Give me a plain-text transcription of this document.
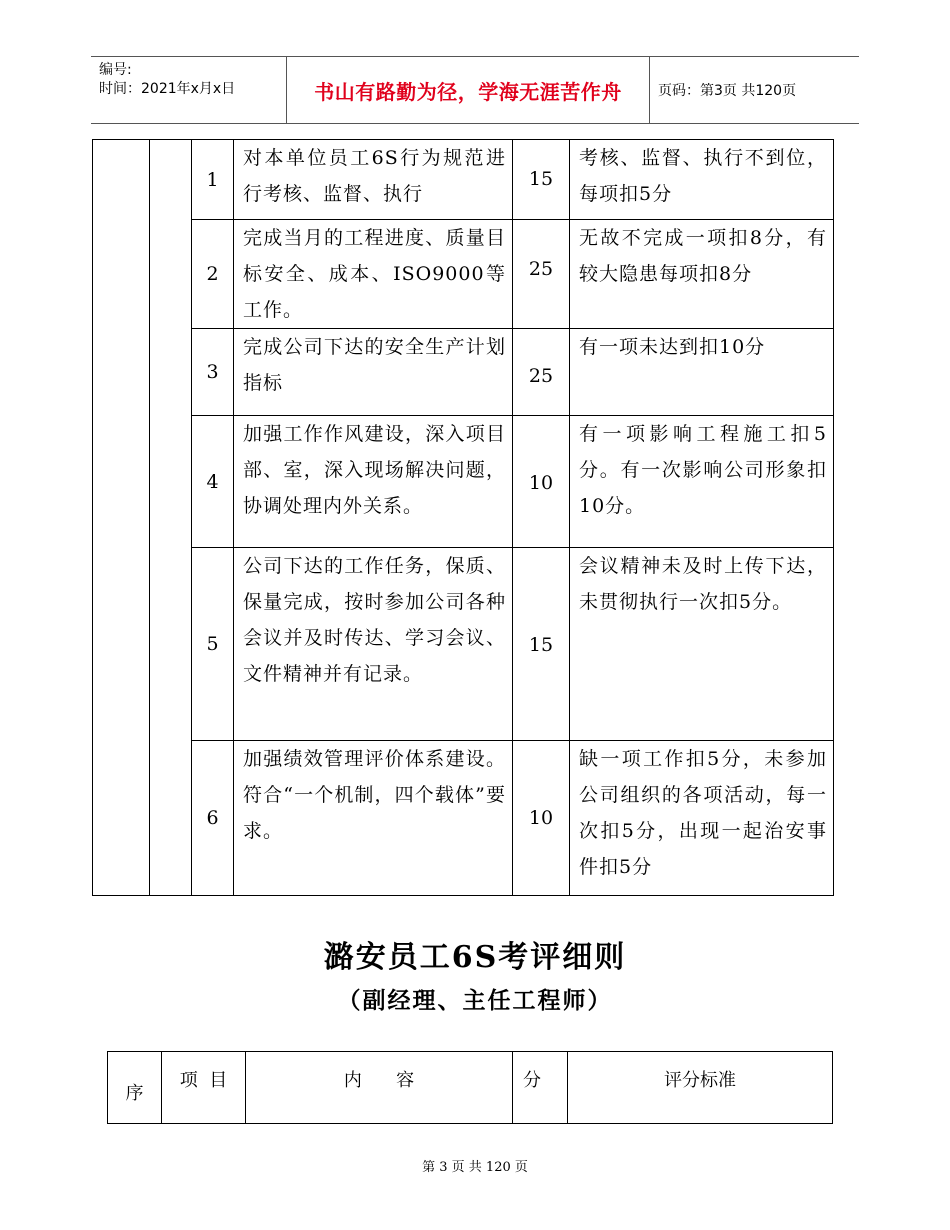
编号:
时间：2021年x月x日	书山有路勤为径，学海无涯苦作舟	页码：第3页 共120页
		1	对本单位员工6S行为规范进行考核、监督、执行	15	考核、监督、执行不到位，每项扣5分
		2	完成当月的工程进度、质量目标安全、成本、ISO9000等工作。	25	无故不完成一项扣8分，有较大隐患每项扣8分
		3	完成公司下达的安全生产计划指标	25	有一项未达到扣10分
		4	加强工作作风建设，深入项目部、室，深入现场解决问题，协调处理内外关系。	10	有一项影响工程施工扣5分。有一次影响公司形象扣10分。
		5	公司下达的工作任务，保质、保量完成，按时参加公司各种会议并及时传达、学习会议、文件精神并有记录。	15	会议精神未及时上传下达，未贯彻执行一次扣5分。
		6	加强绩效管理评价体系建设。符合“一个机制，四个载体”要求。	10	缺一项工作扣5分，未参加公司组织的各项活动，每一次扣5分，出现一起治安事件扣5分
潞安员工6S考评细则
（副经理、主任工程师）
序	项  目	内      容	分	评分标准
第 3 页 共 120 页
